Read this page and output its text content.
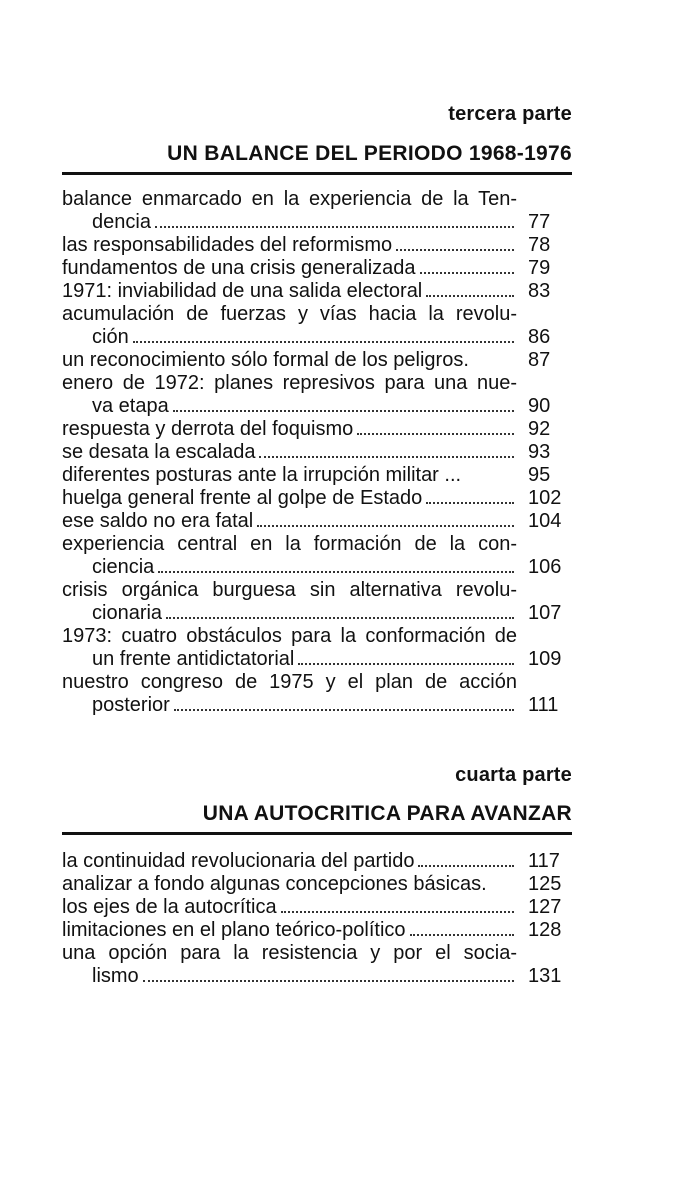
tercera parte
UN BALANCE DEL PERIODO 1968-1976
balance enmarcado en la experiencia de la Ten-
dencia	77
las responsabilidades del reformismo	78
fundamentos de una crisis generalizada	79
1971: inviabilidad de una salida electoral	83
acumulación de fuerzas y vías hacia la revolu-
ción	86
un reconocimiento sólo formal de los peligros.	87
enero de 1972: planes represivos para una nue-
va etapa	90
respuesta y derrota del foquismo	92
se desata la escalada	93
diferentes posturas ante la irrupción militar ...	95
huelga general frente al golpe de Estado	102
ese saldo no era fatal	104
experiencia central en la formación de la con-
ciencia	106
crisis orgánica burguesa sin alternativa revolu-
cionaria	107
1973: cuatro obstáculos para la conformación de
un frente antidictatorial	109
nuestro congreso de 1975 y el plan de acción
posterior	111
cuarta parte
UNA AUTOCRITICA PARA AVANZAR
la continuidad revolucionaria del partido	117
analizar a fondo algunas concepciones básicas.	125
los ejes de la autocrítica	127
limitaciones en el plano teórico-político	128
una opción para la resistencia y por el socia-
lismo	131
